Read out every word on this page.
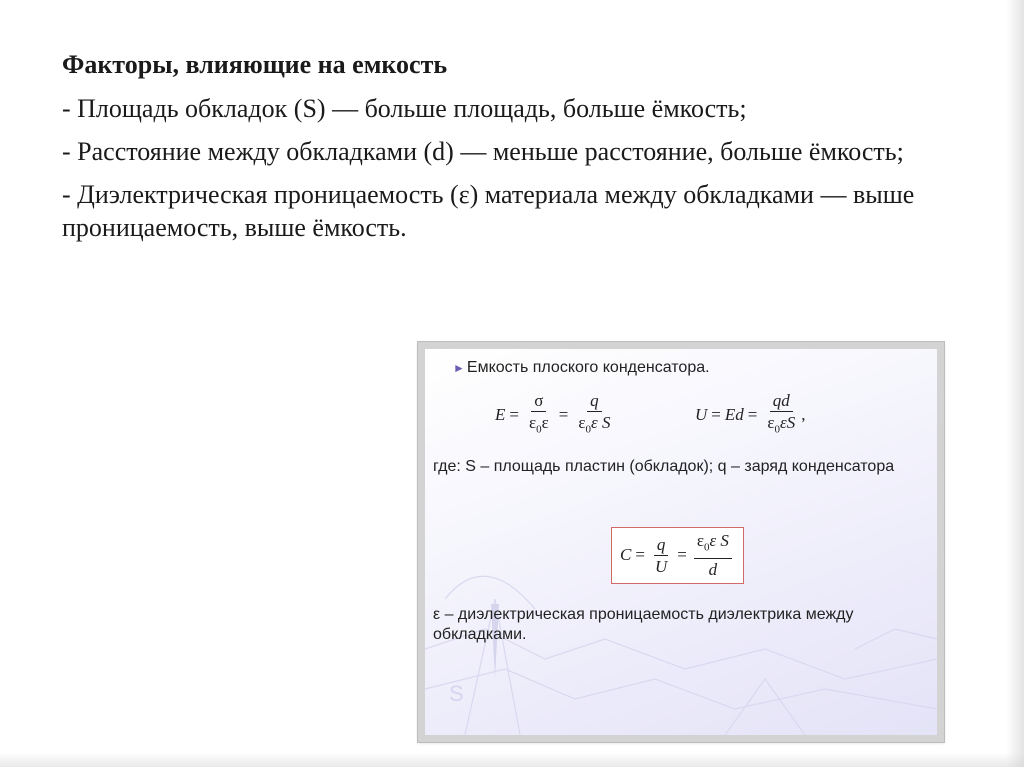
Факторы, влияющие на емкость

- Площадь обкладок (S) — больше площадь, больше ёмкость;

- Расстояние между обкладками (d) — меньше расстояние, больше ёмкость;

- Диэлектрическая проницаемость (ε) материала между обкладками — выше проницаемость, выше ёмкость.

S
► Емкость плоского конденсатора.
$E = \frac{\sigma}{\varepsilon_0\varepsilon} = \frac{q}{\varepsilon_0\varepsilon S}$	$U = Ed = \frac{qd}{\varepsilon_0\varepsilon S}$ ,
где: S – площадь пластин (обкладок); q – заряд конденсатора
$C = \frac{q}{U} = \frac{\varepsilon_0\varepsilon S}{d}$
ε – диэлектрическая проницаемость диэлектрика между обкладками.
